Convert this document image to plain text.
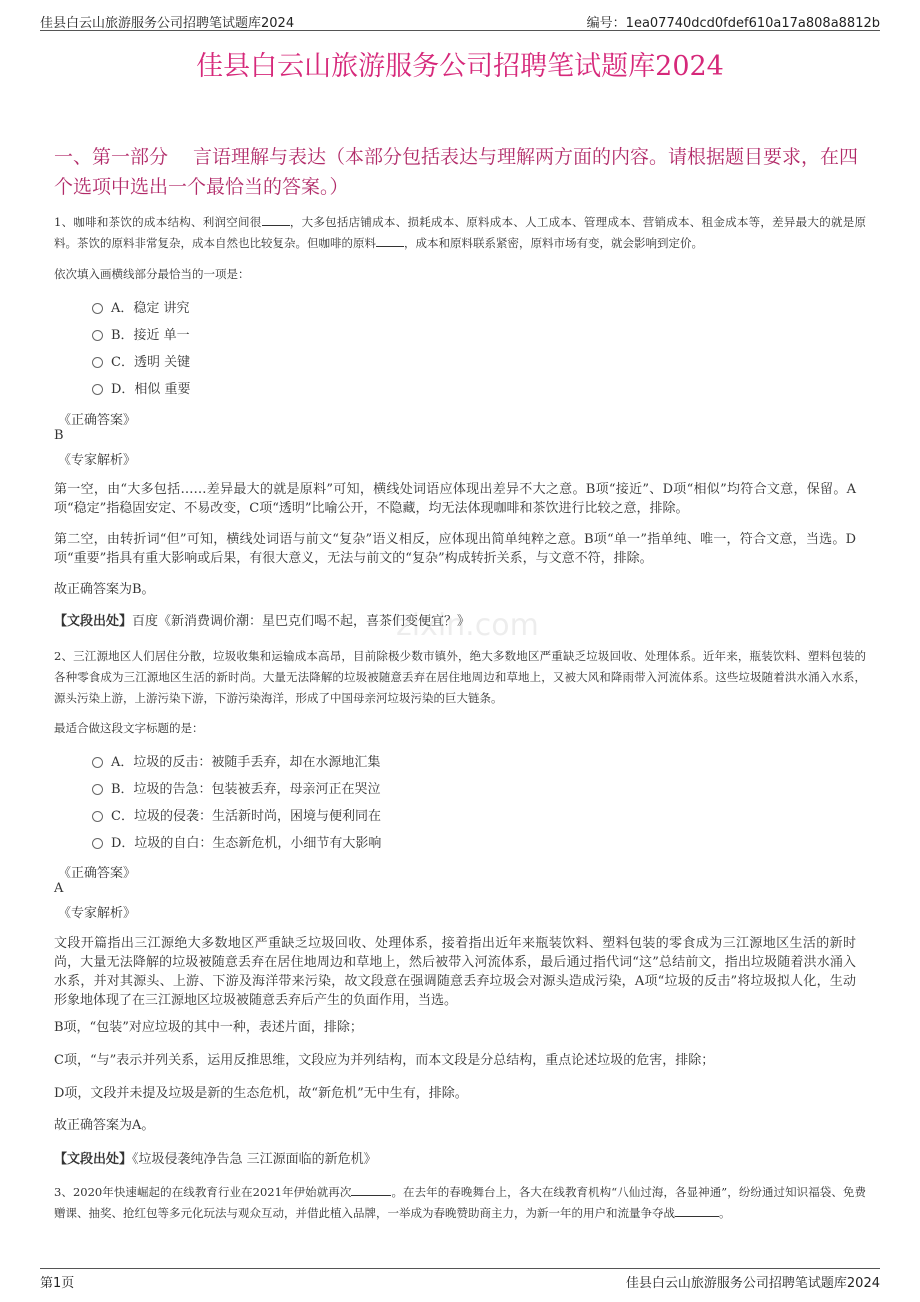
佳县白云山旅游服务公司招聘笔试题库2024	编号：1ea07740dcd0fdef610a17a808a8812b
佳县白云山旅游服务公司招聘笔试题库2024
一、第一部分　 言语理解与表达（本部分包括表达与理解两方面的内容。请根据题目要求，在四个选项中选出一个最恰当的答案。）
1、咖啡和茶饮的成本结构、利润空间很 ，大多包括店铺成本、损耗成本、原料成本、人工成本、管理成本、营销成本、租金成本等，差异最大的就是原料。茶饮的原料非常复杂，成本自然也比较复杂。但咖啡的原料 ，成本和原料联系紧密，原料市场有变，就会影响到定价。
依次填入画横线部分最恰当的一项是：
A．稳定 讲究
B．接近 单一
C．透明 关键
D．相似 重要
《正确答案》
B
《专家解析》
第一空，由“大多包括……差异最大的就是原料”可知，横线处词语应体现出差异不大之意。B项“接近”、D项“相似”均符合文意，保留。A项“稳定”指稳固安定、不易改变，C项“透明”比喻公开，不隐藏，均无法体现咖啡和茶饮进行比较之意，排除。
第二空，由转折词“但”可知，横线处词语与前文“复杂”语义相反，应体现出简单纯粹之意。B项“单一”指单纯、唯一，符合文意，当选。D项“重要”指具有重大影响或后果，有很大意义，无法与前文的“复杂”构成转折关系，与文意不符，排除。
故正确答案为B。
【文段出处】百度《新消费调价潮：星巴克们喝不起，喜茶们变便宜？》
zixin.com
2、三江源地区人们居住分散，垃圾收集和运输成本高昂，目前除极少数市镇外，绝大多数地区严重缺乏垃圾回收、处理体系。近年来，瓶装饮料、塑料包装的各种零食成为三江源地区生活的新时尚。大量无法降解的垃圾被随意丢弃在居住地周边和草地上，又被大风和降雨带入河流体系。这些垃圾随着洪水涌入水系，源头污染上游，上游污染下游，下游污染海洋，形成了中国母亲河垃圾污染的巨大链条。
最适合做这段文字标题的是：
A．垃圾的反击：被随手丢弃，却在水源地汇集
B．垃圾的告急：包装被丢弃，母亲河正在哭泣
C．垃圾的侵袭：生活新时尚，困境与便利同在
D．垃圾的自白：生态新危机，小细节有大影响
《正确答案》
A
《专家解析》
文段开篇指出三江源绝大多数地区严重缺乏垃圾回收、处理体系，接着指出近年来瓶装饮料、塑料包装的零食成为三江源地区生活的新时尚，大量无法降解的垃圾被随意丢弃在居住地周边和草地上，然后被带入河流体系，最后通过指代词“这”总结前文，指出垃圾随着洪水涌入水系，并对其源头、上游、下游及海洋带来污染，故文段意在强调随意丢弃垃圾会对源头造成污染，A项“垃圾的反击”将垃圾拟人化，生动形象地体现了在三江源地区垃圾被随意丢弃后产生的负面作用，当选。
B项，“包装”对应垃圾的其中一种，表述片面，排除；
C项，“与”表示并列关系，运用反推思维，文段应为并列结构，而本文段是分总结构，重点论述垃圾的危害，排除；
D项，文段并未提及垃圾是新的生态危机，故“新危机”无中生有，排除。
故正确答案为A。
【文段出处】《垃圾侵袭纯净告急 三江源面临的新危机》
3、2020年快速崛起的在线教育行业在2021年伊始就再次	。在去年的春晚舞台上，各大在线教育机构“八仙过海，各显神通”，纷纷通过知识福袋、免费赠课、抽奖、抢红包等多元化玩法与观众互动，并借此植入品牌，一举成为春晚赞助商主力，为新一年的用户和流量争夺战	。
第1页	佳县白云山旅游服务公司招聘笔试题库2024
